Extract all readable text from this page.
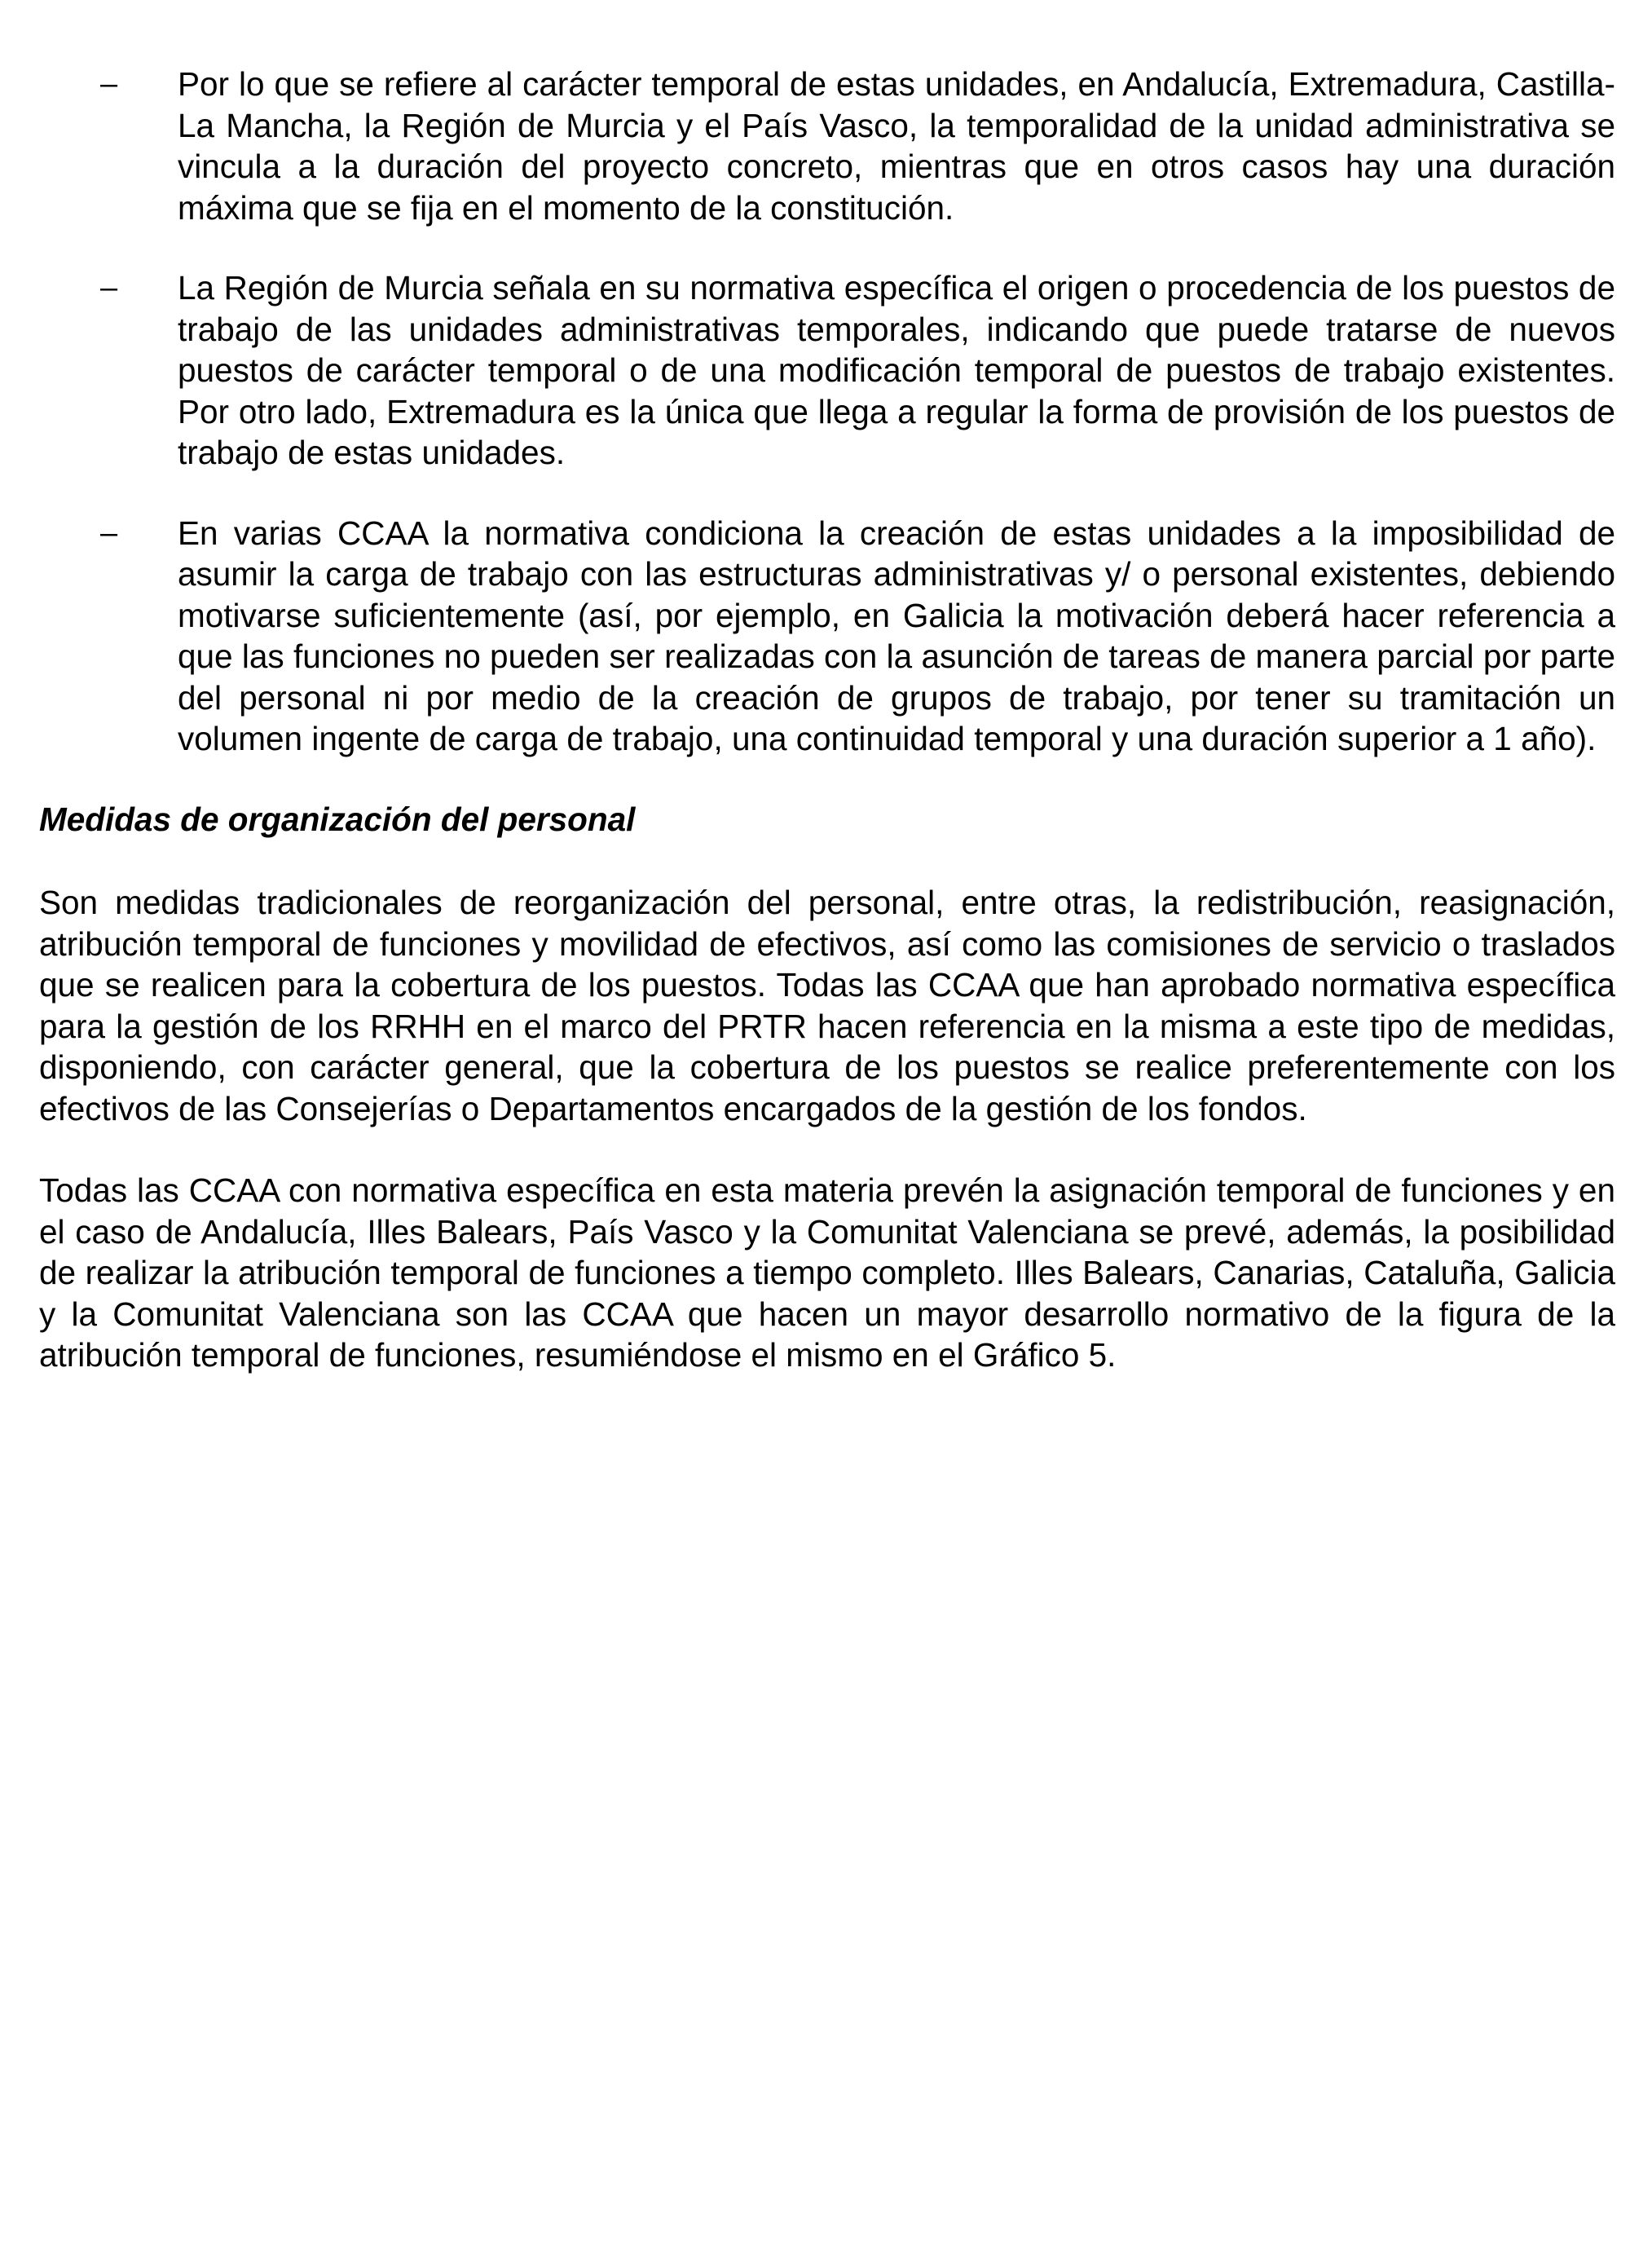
– Por lo que se refiere al carácter temporal de estas unidades, en Andalucía, Extremadura, Castilla-La Mancha, la Región de Murcia y el País Vasco, la temporalidad de la unidad administrativa se vincula a la duración del proyecto concreto, mientras que en otros casos hay una duración máxima que se fija en el momento de la constitución.

– La Región de Murcia señala en su normativa específica el origen o procedencia de los puestos de trabajo de las unidades administrativas temporales, indicando que puede tratarse de nuevos puestos de carácter temporal o de una modificación temporal de puestos de trabajo existentes. Por otro lado, Extremadura es la única que llega a regular la forma de provisión de los puestos de trabajo de estas unidades.

– En varias CCAA la normativa condiciona la creación de estas unidades a la imposibilidad de asumir la carga de trabajo con las estructuras administrativas y/ o personal existentes, debiendo motivarse suficientemente (así, por ejemplo, en Galicia la motivación deberá hacer referencia a que las funciones no pueden ser realizadas con la asunción de tareas de manera parcial por parte del personal ni por medio de la creación de grupos de trabajo, por tener su tramitación un volumen ingente de carga de trabajo, una continuidad temporal y una duración superior a 1 año).

Medidas de organización del personal

Son medidas tradicionales de reorganización del personal, entre otras, la redistribución, reasignación, atribución temporal de funciones y movilidad de efectivos, así como las comisiones de servicio o traslados que se realicen para la cobertura de los puestos. Todas las CCAA que han aprobado normativa específica para la gestión de los RRHH en el marco del PRTR hacen referencia en la misma a este tipo de medidas, disponiendo, con carácter general, que la cobertura de los puestos se realice preferentemente con los efectivos de las Consejerías o Departamentos encargados de la gestión de los fondos.

Todas las CCAA con normativa específica en esta materia prevén la asignación temporal de funciones y en el caso de Andalucía, Illes Balears, País Vasco y la Comunitat Valenciana se prevé, además, la posibilidad de realizar la atribución temporal de funciones a tiempo completo. Illes Balears, Canarias, Cataluña, Galicia y la Comunitat Valenciana son las CCAA que hacen un mayor desarrollo normativo de la figura de la atribución temporal de funciones, resumiéndose el mismo en el Gráfico 5.
